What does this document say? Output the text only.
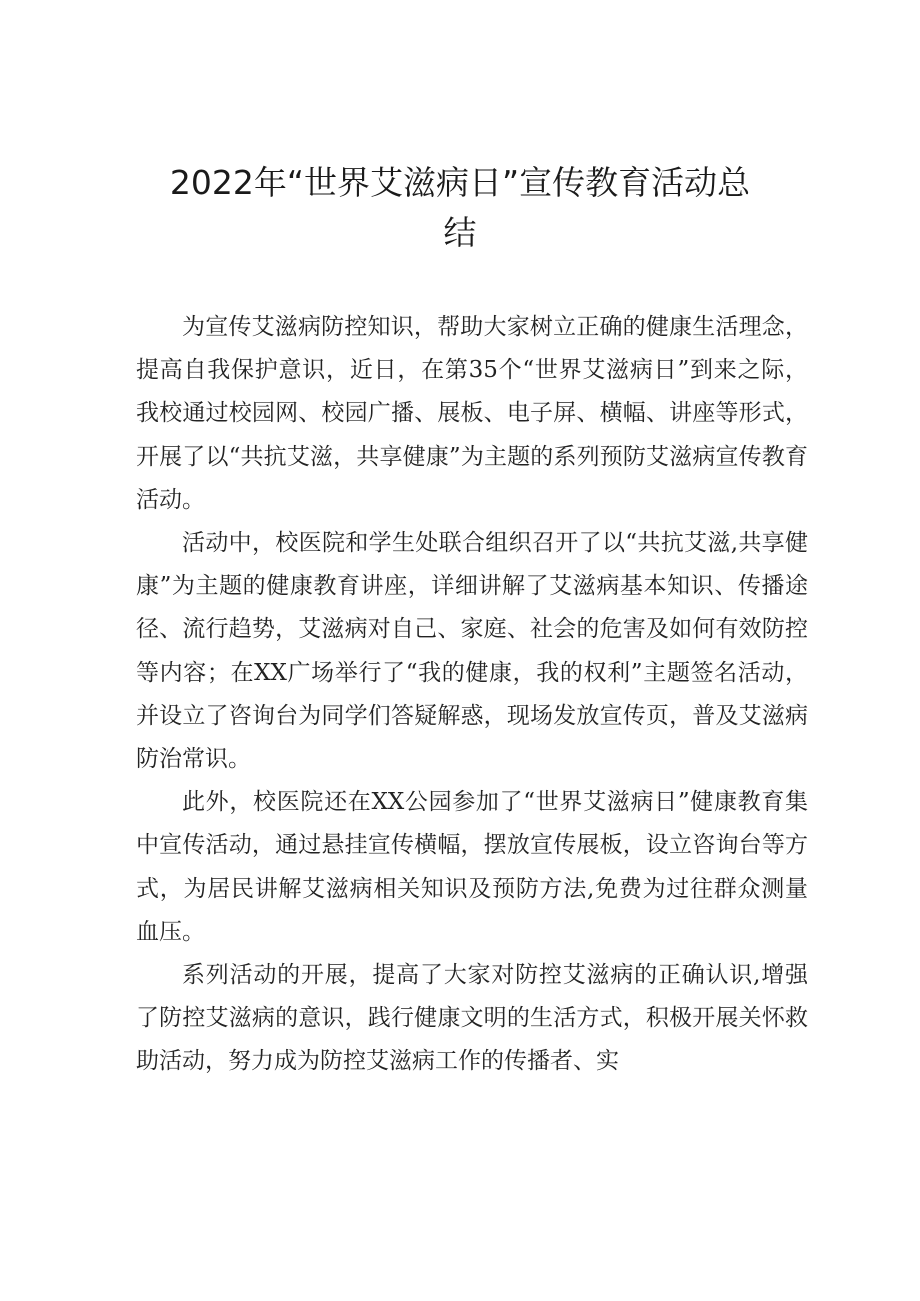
2022年“世界艾滋病日”宣传教育活动总
结

为宣传艾滋病防控知识，帮助大家树立正确的健康生活理念，提高自我保护意识，近日，在第35个“世界艾滋病日”到来之际，我校通过校园网、校园广播、展板、电子屏、横幅、讲座等形式，开展了以“共抗艾滋，共享健康”为主题的系列预防艾滋病宣传教育活动。

活动中，校医院和学生处联合组织召开了以“共抗艾滋,共享健康”为主题的健康教育讲座，详细讲解了艾滋病基本知识、传播途径、流行趋势，艾滋病对自己、家庭、社会的危害及如何有效防控等内容；在XX广场举行了“我的健康，我的权利”主题签名活动，并设立了咨询台为同学们答疑解惑，现场发放宣传页，普及艾滋病防治常识。

此外，校医院还在XX公园参加了“世界艾滋病日”健康教育集中宣传活动，通过悬挂宣传横幅，摆放宣传展板，设立咨询台等方式，为居民讲解艾滋病相关知识及预防方法,免费为过往群众测量血压。

系列活动的开展，提高了大家对防控艾滋病的正确认识,增强了防控艾滋病的意识，践行健康文明的生活方式，积极开展关怀救助活动，努力成为防控艾滋病工作的传播者、实
